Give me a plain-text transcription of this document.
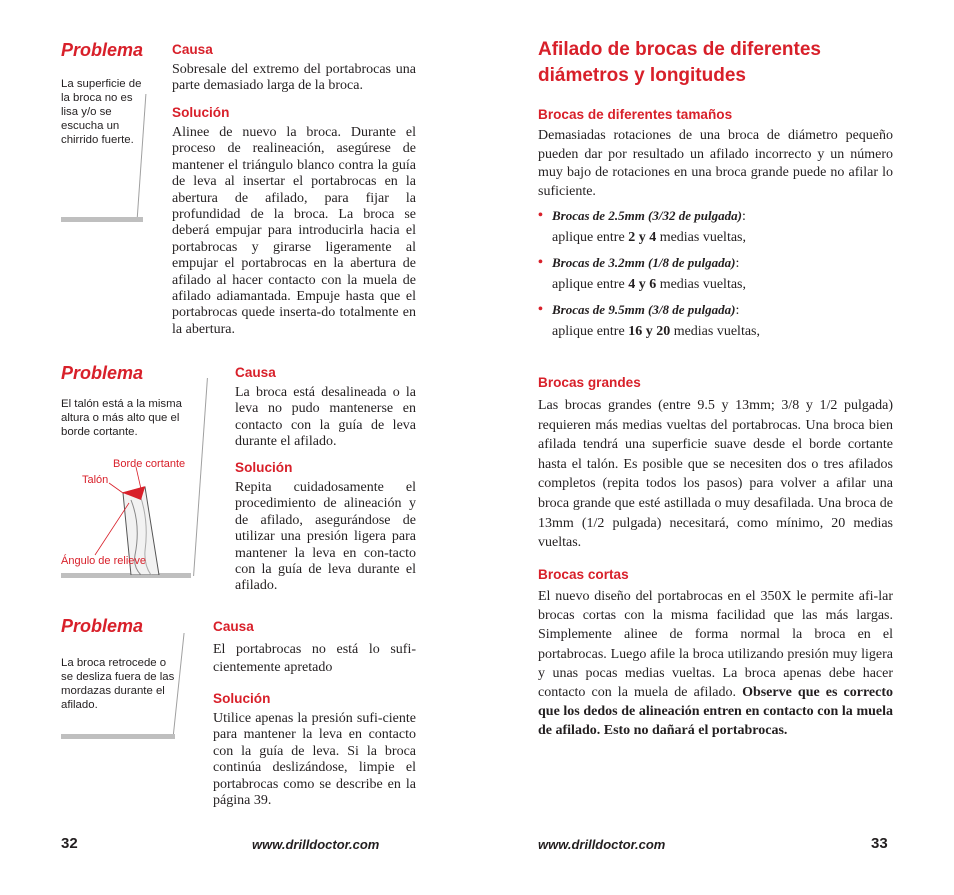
Problema
La superficie de la broca no es lisa y/o se escucha un chirrido fuerte.
Causa

Sobresale del extremo del portabrocas una parte demasiado larga de la broca.

Solución

Alinee de nuevo la broca. Durante el proceso de realineación, asegúrese de mantener el triángulo blanco contra la guía de leva al insertar el portabrocas en la abertura de afilado, para fijar la profundidad de la broca. La broca se deberá empujar para introducirla hacia el portabrocas y girarse ligeramente al empujar el portabrocas en la abertura de afilado al hacer contacto con la muela de afilado adiamantada. Empuje hasta que el portabrocas quede inserta-do totalmente en la abertura.

Problema
El talón está a la misma altura o más alto que el borde cortante.
Borde cortante
Talón
Ángulo de relieve
Causa

La broca está desalineada o la leva no pudo mantenerse en contacto con la guía de leva durante el afilado.

Solución

Repita cuidadosamente el procedimiento de alineación y de afilado, asegurándose de utilizar una presión ligera para mantener la leva en con-tacto con la guía de leva durante el afilado.

Problema
La broca retrocede o se desliza fuera de las mordazas durante el afilado.
Causa

El portabrocas no está lo sufi-cientemente apretado

Solución

Utilice apenas la presión sufi-ciente para mantener la leva en contacto con la guía de leva. Si la broca continúa deslizándose, limpie el portabrocas como se describe en la página 39.

32	www.drilldoctor.com
Afilado de brocas de diferentes diámetros y longitudes
Brocas de diferentes tamaños

Demasiadas rotaciones de una broca de diámetro pequeño pueden dar por resultado un afilado incorrecto y un número muy bajo de rotaciones en una broca grande puede no afilar lo suficiente.

• Brocas de 2.5mm (3/32 de pulgada):
aplique entre 2 y 4 medias vueltas,
• Brocas de 3.2mm (1/8 de pulgada):
aplique entre 4 y 6 medias vueltas,
• Brocas de 9.5mm (3/8 de pulgada):
aplique entre 16 y 20 medias vueltas,
Brocas grandes

Las brocas grandes (entre 9.5 y 13mm; 3/8 y 1/2 pulgada) requieren más medias vueltas del portabrocas. Una broca bien afilada tendrá una superficie suave desde el borde cortante hasta el talón. Es posible que se necesiten dos o tres afilados completos (repita todos los pasos) para volver a afilar una broca grande que esté astillada o muy desafilada. Una broca de 13mm (1/2 pulgada) necesitará, como mínimo, 20 medias vueltas.

Brocas cortas

El nuevo diseño del portabrocas en el 350X le permite afi-lar brocas cortas con la misma facilidad que las más largas. Simplemente alinee de forma normal la broca en el portabrocas. Luego afile la broca utilizando presión muy ligera y unas pocas medias vueltas. La broca apenas debe hacer contacto con la muela de afilado. Observe que es correcto que los dedos de alineación entren en contacto con la muela de afilado. Esto no dañará el portabrocas.

www.drilldoctor.com	33
